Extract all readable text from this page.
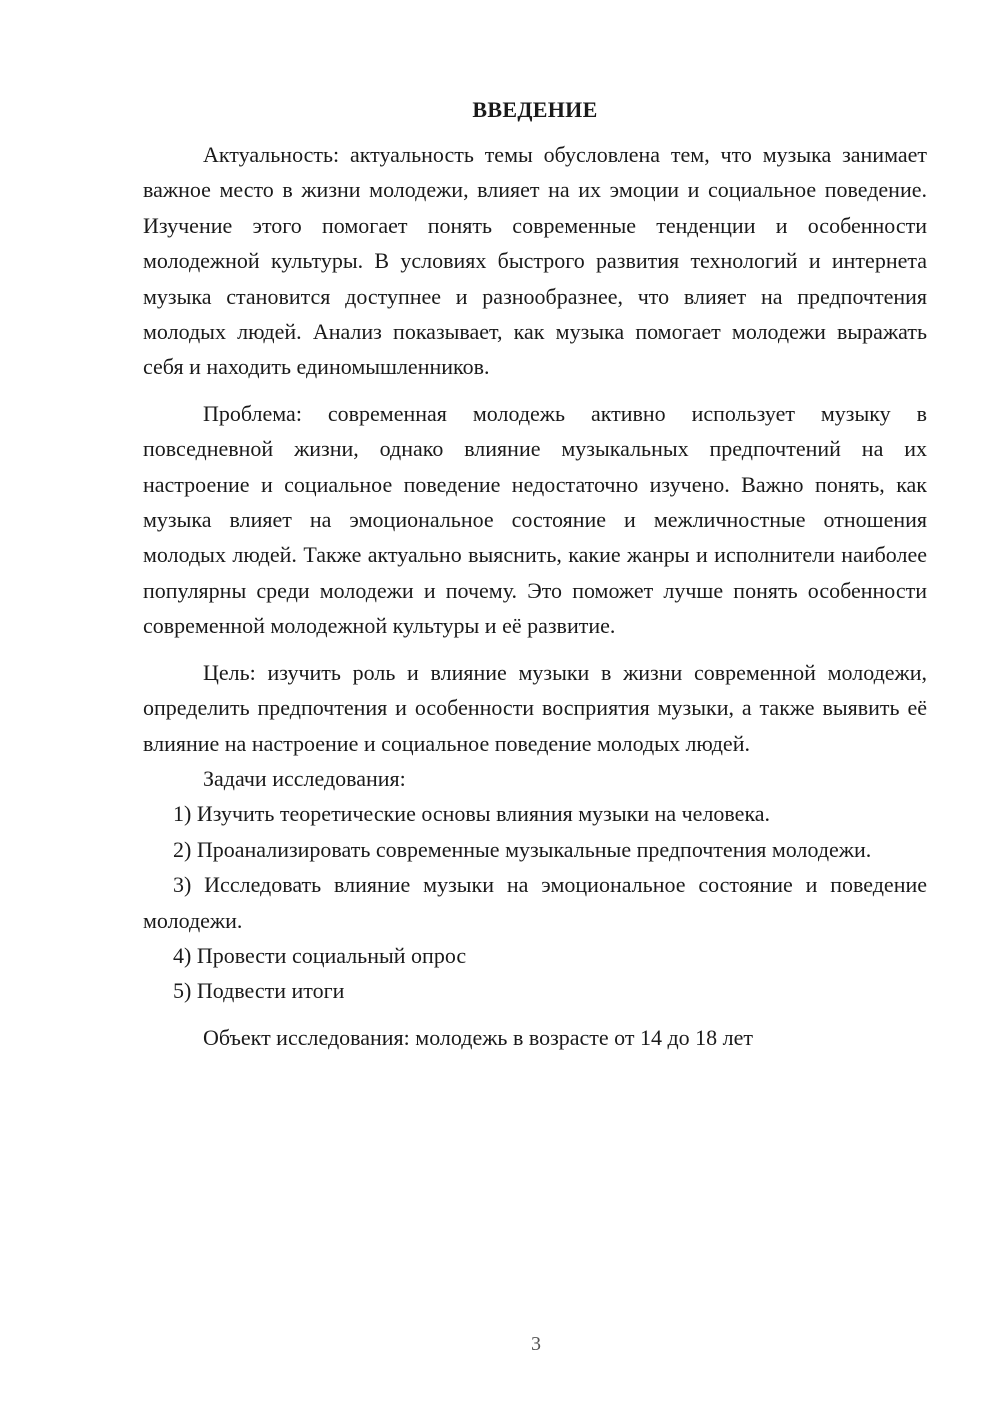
ВВЕДЕНИЕ

Актуальность: актуальность темы обусловлена тем, что музыка занимает важное место в жизни молодежи, влияет на их эмоции и социальное поведение. Изучение этого помогает понять современные тенденции и особенности молодежной культуры. В условиях быстрого развития технологий и интернета музыка становится доступнее и разнообразнее, что влияет на предпочтения молодых людей. Анализ показывает, как музыка помогает молодежи выражать себя и находить единомышленников.

Проблема: современная молодежь активно использует музыку в повседневной жизни, однако влияние музыкальных предпочтений на их настроение и социальное поведение недостаточно изучено. Важно понять, как музыка влияет на эмоциональное состояние и межличностные отношения молодых людей. Также актуально выяснить, какие жанры и исполнители наиболее популярны среди молодежи и почему. Это поможет лучше понять особенности современной молодежной культуры и её развитие.

Цель: изучить роль и влияние музыки в жизни современной молодежи, определить предпочтения и особенности восприятия музыки, а также выявить её влияние на настроение и социальное поведение молодых людей.

Задачи исследования:

1) Изучить теоретические основы влияния музыки на человека.

2) Проанализировать современные музыкальные предпочтения молодежи.

3) Исследовать влияние музыки на эмоциональное состояние и поведение молодежи.

4) Провести социальный опрос

5) Подвести итоги

Объект исследования: молодежь в возрасте от 14 до 18 лет

3
